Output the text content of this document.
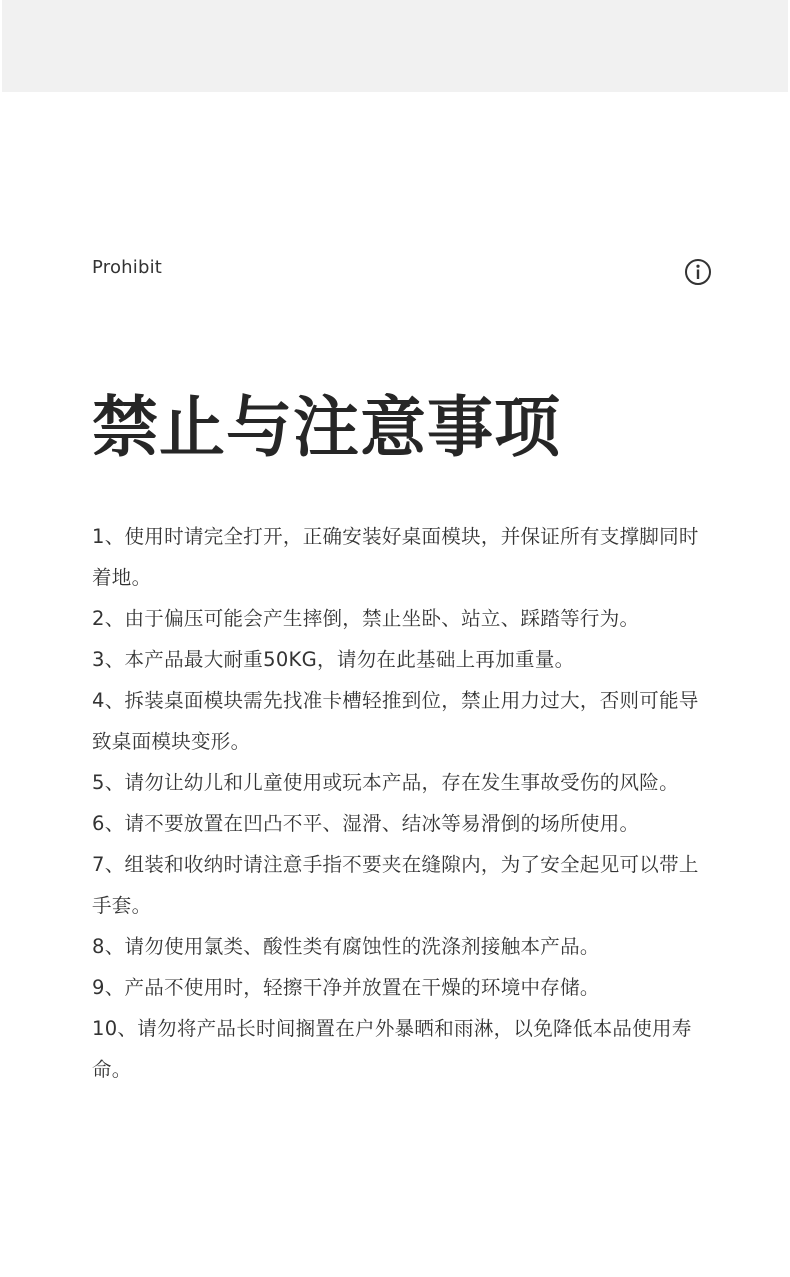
Prohibit
禁止与注意事项
1、使用时请完全打开，正确安装好桌面模块，并保证所有支撑脚同时着地。
2、由于偏压可能会产生摔倒，禁止坐卧、站立、踩踏等行为。
3、本产品最大耐重50KG，请勿在此基础上再加重量。
4、拆装桌面模块需先找准卡槽轻推到位，禁止用力过大，否则可能导致桌面模块变形。
5、请勿让幼儿和儿童使用或玩本产品，存在发生事故受伤的风险。
6、请不要放置在凹凸不平、湿滑、结冰等易滑倒的场所使用。
7、组装和收纳时请注意手指不要夹在缝隙内，为了安全起见可以带上手套。
8、请勿使用氯类、酸性类有腐蚀性的洗涤剂接触本产品。
9、产品不使用时，轻擦干净并放置在干燥的环境中存储。
10、请勿将产品长时间搁置在户外暴晒和雨淋，以免降低本品使用寿命。
